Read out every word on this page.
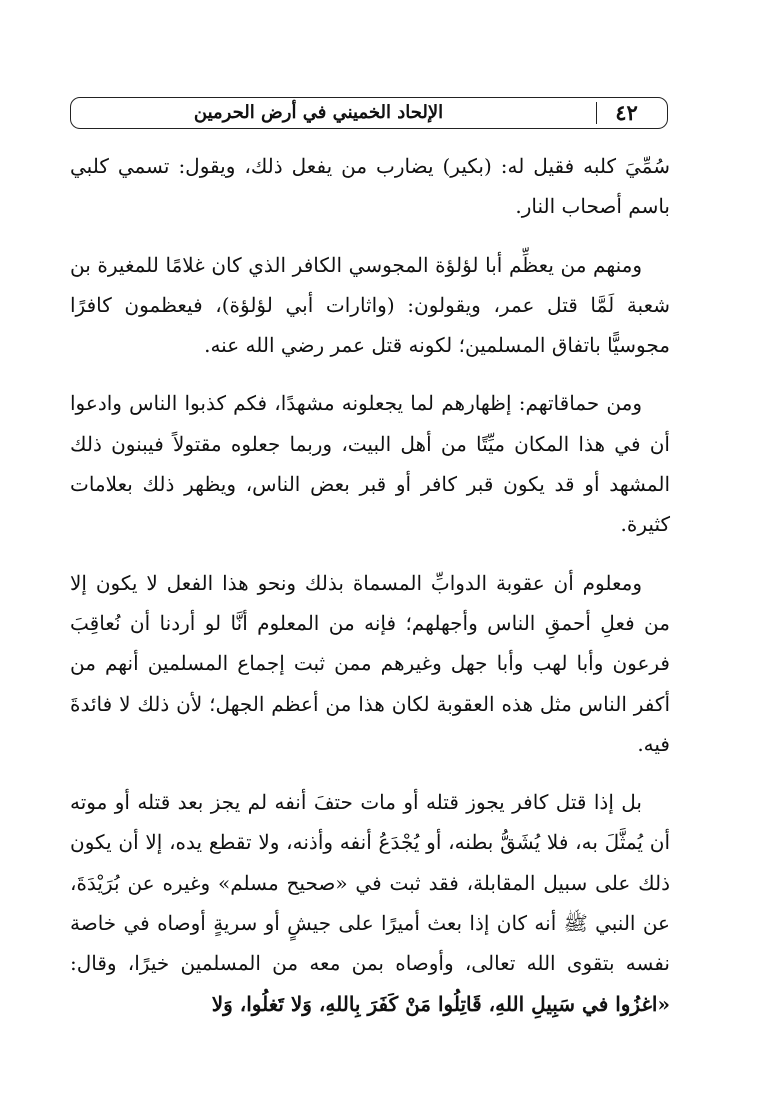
الإلحاد الخميني في أرض الحرمين	٤٢

سُمِّيَ كلبه فقيل له: (بكير) يضارب من يفعل ذلك، ويقول: تسمي كلبي باسم أصحاب النار.

ومنهم من يعظِّم أبا لؤلؤة المجوسي الكافر الذي كان غلامًا للمغيرة بن شعبة لَمَّا قتل عمر، ويقولون: (واثارات أبي لؤلؤة)، فيعظمون كافرًا مجوسيًّا باتفاق المسلمين؛ لكونه قتل عمر رضي الله عنه.

ومن حماقاتهم: إظهارهم لما يجعلونه مشهدًا، فكم كذبوا الناس وادعوا أن في هذا المكان ميِّتًا من أهل البيت، وربما جعلوه مقتولاً فيبنون ذلك المشهد أو قد يكون قبر كافر أو قبر بعض الناس، ويظهر ذلك بعلامات كثيرة.

ومعلوم أن عقوبة الدوابِّ المسماة بذلك ونحو هذا الفعل لا يكون إلا من فعلِ أحمقِ الناس وأجهلهم؛ فإنه من المعلوم أنَّا لو أردنا أن نُعاقِبَ فرعون وأبا لهب وأبا جهل وغيرهم ممن ثبت إجماع المسلمين أنهم من أكفر الناس مثل هذه العقوبة لكان هذا من أعظم الجهل؛ لأن ذلك لا فائدةَ فيه.

بل إذا قتل كافر يجوز قتله أو مات حتفَ أنفه لم يجز بعد قتله أو موته أن يُمثَّلَ به، فلا يُشَقُّ بطنه، أو يُجْدَعُ أنفه وأذنه، ولا تقطع يده، إلا أن يكون ذلك على سبيل المقابلة، فقد ثبت في «صحيح مسلم» وغيره عن بُرَيْدَةَ، عن النبي ﷺ أنه كان إذا بعث أميرًا على جيشٍ أو سريةٍ أوصاه في خاصة نفسه بتقوى الله تعالى، وأوصاه بمن معه من المسلمين خيرًا، وقال: «اغزُوا في سَبِيلِ اللهِ، قَاتِلُوا مَنْ كَفَرَ بِاللهِ، وَلا تَغلُوا، وَلا
